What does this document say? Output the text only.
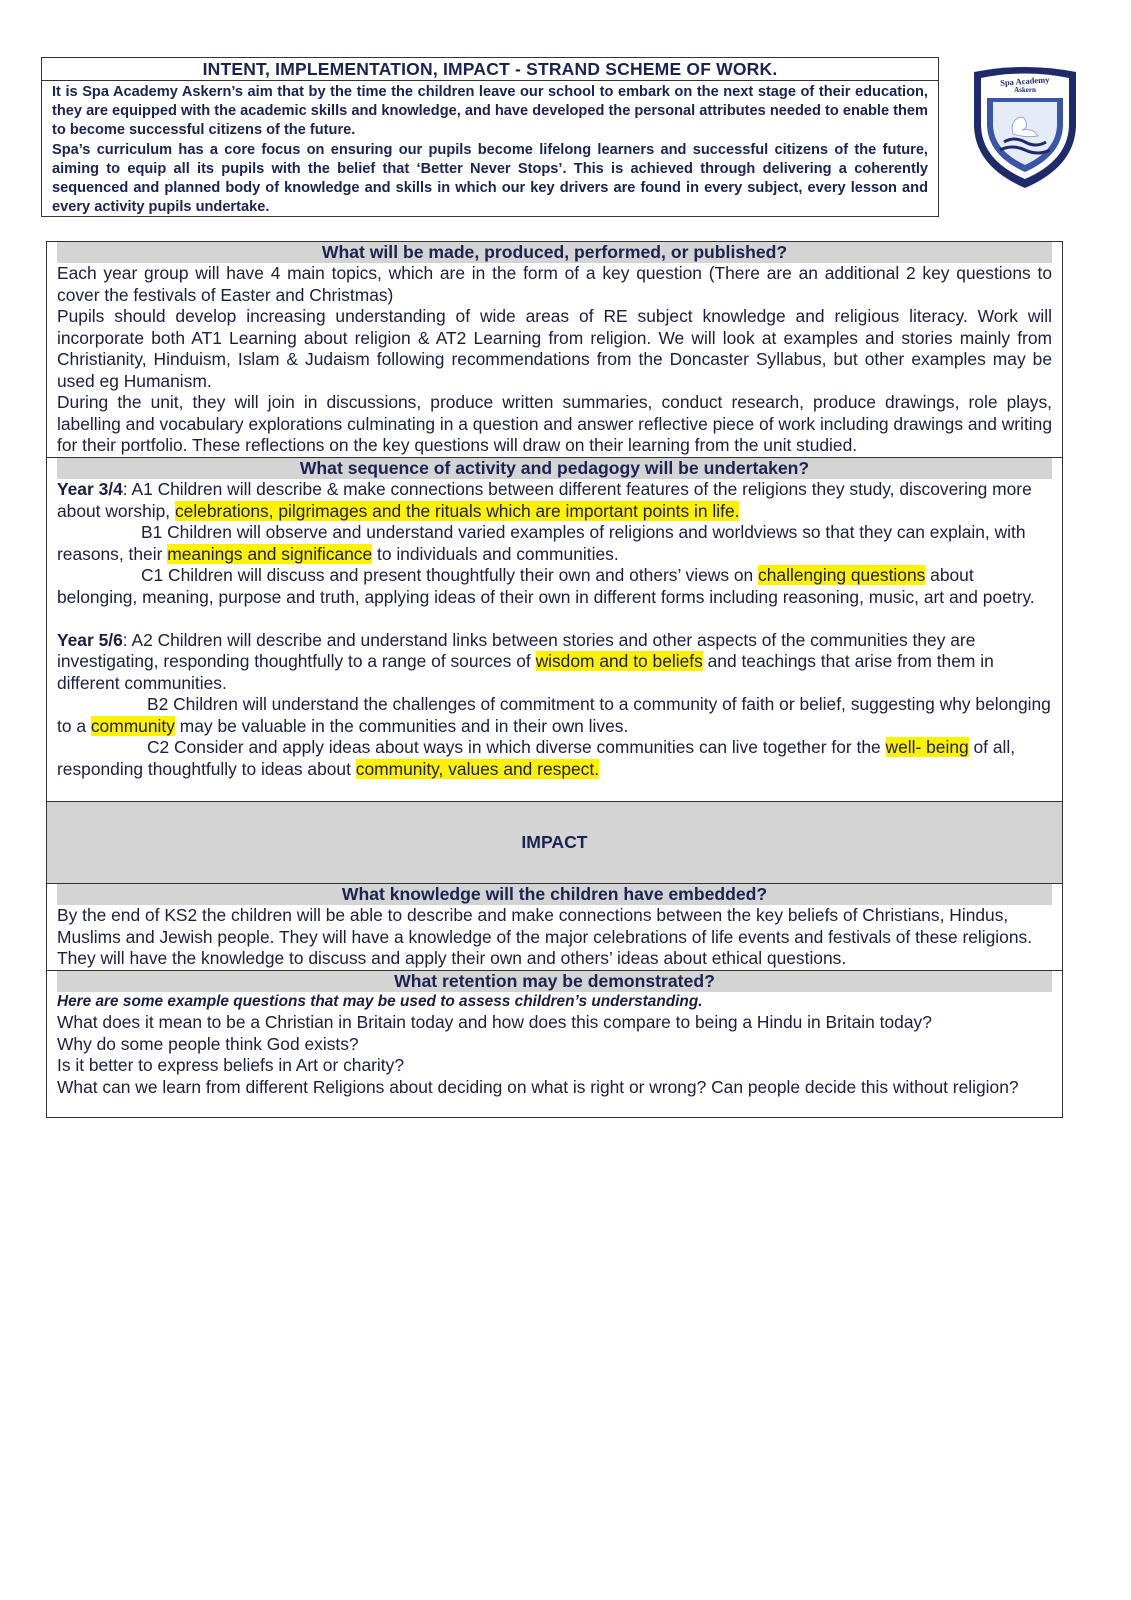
INTENT, IMPLEMENTATION, IMPACT - STRAND SCHEME OF WORK.

It is Spa Academy Askern’s aim that by the time the children leave our school to embark on the next stage of their education, they are equipped with the academic skills and knowledge, and have developed the personal attributes needed to enable them to become successful citizens of the future.

Spa’s curriculum has a core focus on ensuring our pupils become lifelong learners and successful citizens of the future, aiming to equip all its pupils with the belief that ‘Better Never Stops’. This is achieved through delivering a coherently sequenced and planned body of knowledge and skills in which our key drivers are found in every subject, every lesson and every activity pupils undertake.

Spa Academy
Askern
What will be made, produced, performed, or published?

Each year group will have 4 main topics, which are in the form of a key question (There are an additional 2 key questions to cover the festivals of Easter and Christmas)

Pupils should develop increasing understanding of wide areas of RE subject knowledge and religious literacy. Work will incorporate both AT1 Learning about religion & AT2 Learning from religion. We will look at examples and stories mainly from Christianity, Hinduism, Islam & Judaism following recommendations from the Doncaster Syllabus, but other examples may be used eg Humanism.

During the unit, they will join in discussions, produce written summaries, conduct research, produce drawings, role plays, labelling and vocabulary explorations culminating in a question and answer reflective piece of work including drawings and writing for their portfolio. These reflections on the key questions will draw on their learning from the unit studied.

What sequence of activity and pedagogy will be undertaken?

Year 3/4: A1 Children will describe & make connections between different features of the religions they study, discovering more about worship, celebrations, pilgrimages and the rituals which are important points in life.

B1 Children will observe and understand varied examples of religions and worldviews so that they can explain, with reasons, their meanings and significance to individuals and communities.

C1 Children will discuss and present thoughtfully their own and others’ views on challenging questions about belonging, meaning, purpose and truth, applying ideas of their own in different forms including reasoning, music, art and poetry.

Year 5/6: A2 Children will describe and understand links between stories and other aspects of the communities they are investigating, responding thoughtfully to a range of sources of wisdom and to beliefs and teachings that arise from them in different communities.

B2 Children will understand the challenges of commitment to a community of faith or belief, suggesting why belonging to a community may be valuable in the communities and in their own lives.

C2 Consider and apply ideas about ways in which diverse communities can live together for the well- being of all, responding thoughtfully to ideas about community, values and respect.

IMPACT
What knowledge will the children have embedded?
By the end of KS2 the children will be able to describe and make connections between the key beliefs of Christians, Hindus, Muslims and Jewish people. They will have a knowledge of the major celebrations of life events and festivals of these religions. They will have the knowledge to discuss and apply their own and others’ ideas about ethical questions.
What retention may be demonstrated?
Here are some example questions that may be used to assess children’s understanding.

What does it mean to be a Christian in Britain today and how does this compare to being a Hindu in Britain today?

Why do some people think God exists?

Is it better to express beliefs in Art or charity?

What can we learn from different Religions about deciding on what is right or wrong? Can people decide this without religion?
